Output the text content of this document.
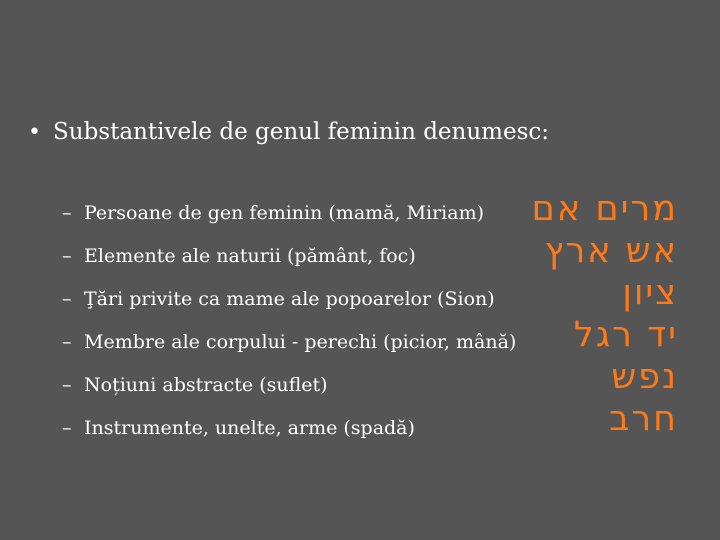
• Substantivele de genul feminin denumesc:
– Persoane de gen feminin (mamă, Miriam)
– Elemente ale naturii (pământ, foc)
– Ţări privite ca mame ale popoarelor (Sion)
– Membre ale corpului - perechi (picior, mână)
– Noțiuni abstracte (suflet)
– Instrumente, unelte, arme (spadă)
מרים אם
אש ארץ
ציון
יד רגל
נפש
חרב
